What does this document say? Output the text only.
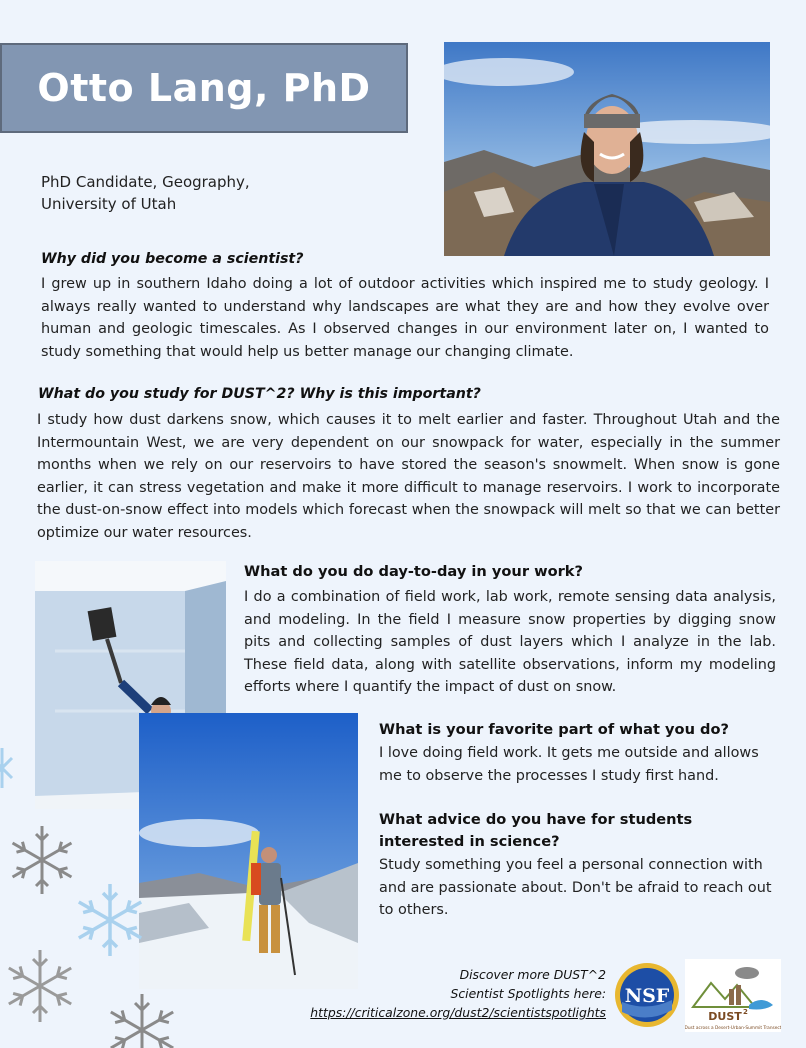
Otto Lang, PhD
PhD Candidate, Geography,
University of Utah
Why did you become a scientist?
I grew up in southern Idaho doing a lot of outdoor activities which inspired me to study geology. I always really wanted to understand why landscapes are what they are and how they evolve over human and geologic timescales. As I observed changes in our environment later on, I wanted to study something that would help us better manage our changing climate.
What do you study for DUST^2? Why is this important?
I study how dust darkens snow, which causes it to melt earlier and faster. Throughout Utah and the Intermountain West, we are very dependent on our snowpack for water, especially in the summer months when we rely on our reservoirs to have stored the season's snowmelt. When snow is gone earlier, it can stress vegetation and make it more difficult to manage reservoirs. I work to incorporate the dust-on-snow effect into models which forecast when the snowpack will melt so that we can better optimize our water resources.
What do you do day-to-day in your work?
I do a combination of field work, lab work, remote sensing data analysis, and modeling. In the field I measure snow properties by digging snow pits and collecting samples of dust layers which I analyze in the lab. These field data, along with satellite observations, inform my modeling efforts where I quantify the impact of dust on snow.
What is your favorite part of what you do?
I love doing field work. It gets me outside and allows me to observe the processes I study first hand.
What advice do you have for students interested in science?
Study something you feel a personal connection with and are passionate about. Don't be afraid to reach out to others.
Discover more DUST^2
Scientist Spotlights here:
https://criticalzone.org/dust2/scientistspotlights
NSF
DUST 2
Dust across a Desert-Urban-Summit Transect
